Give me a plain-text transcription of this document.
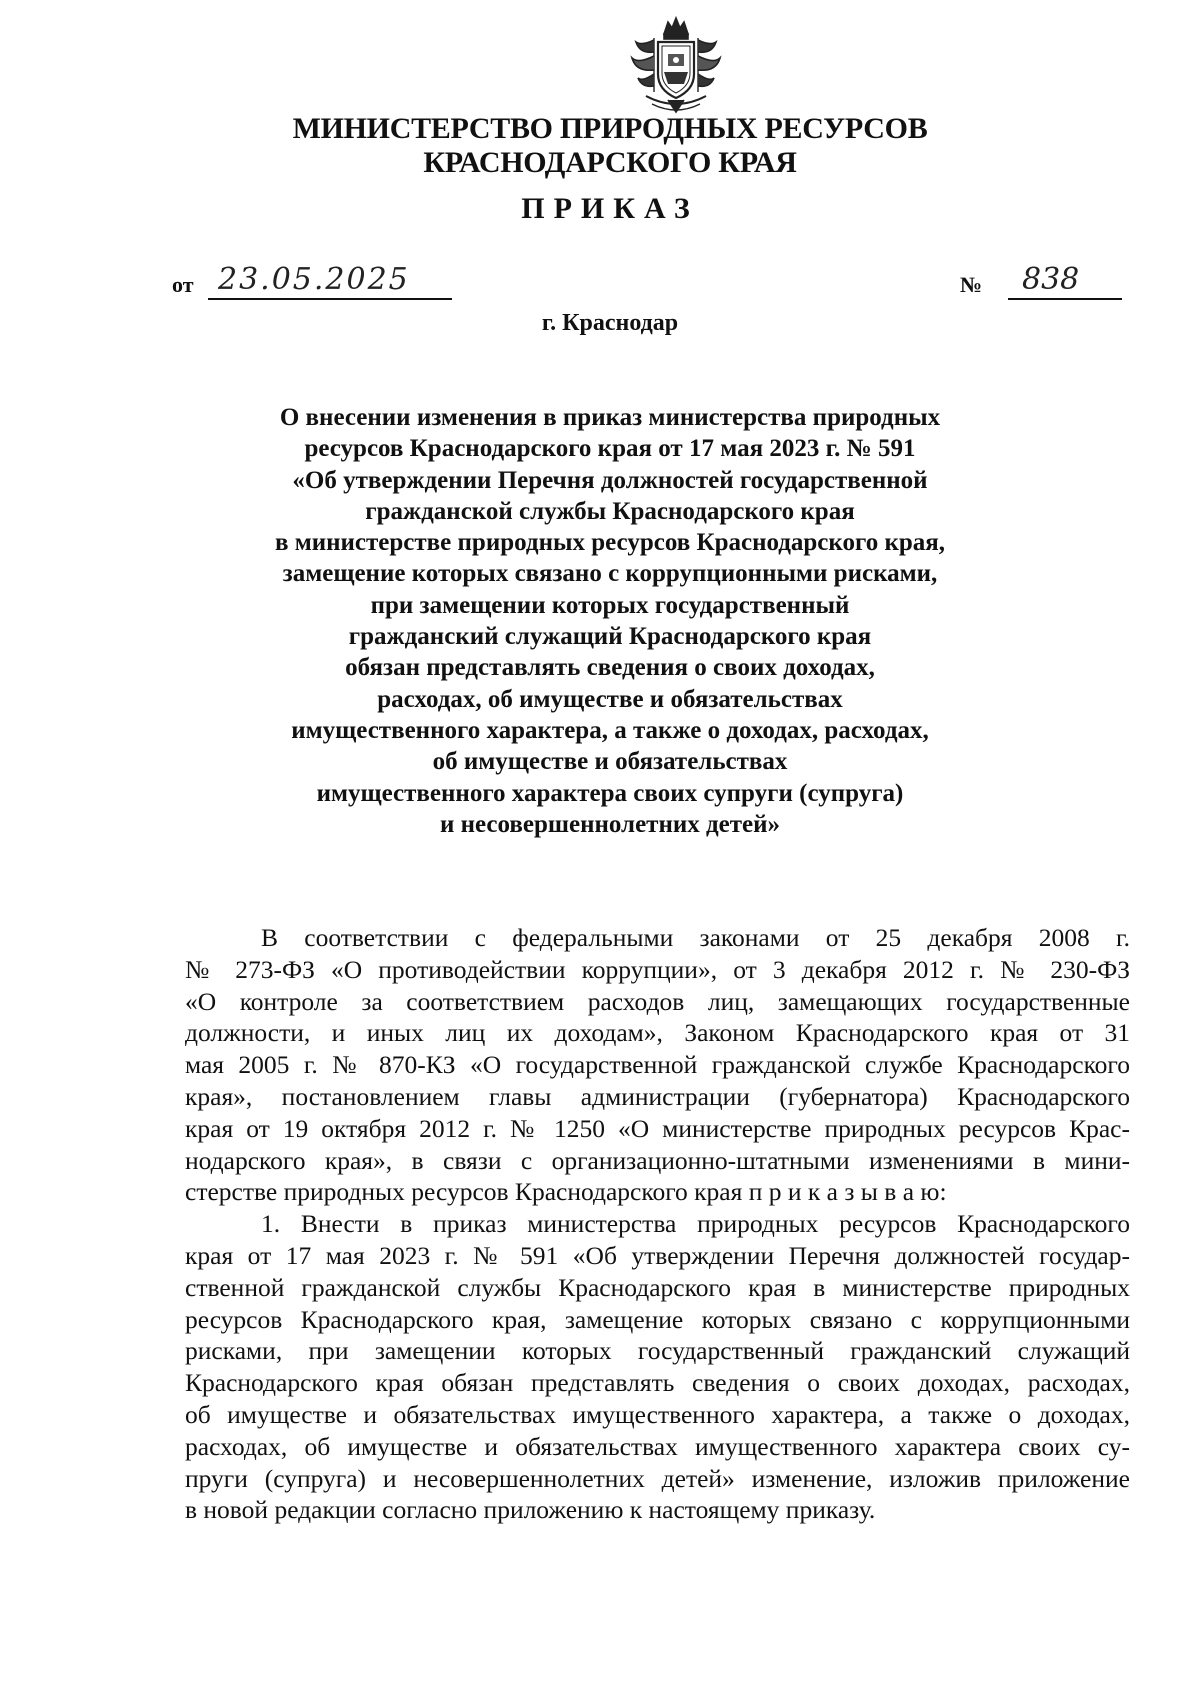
МИНИСТЕРСТВО ПРИРОДНЫХ РЕСУРСОВ
КРАСНОДАРСКОГО КРАЯ
ПРИКАЗ
от 23.05.2025	№ 838
г. Краснодар
О внесении изменения в приказ министерства природных
ресурсов Краснодарского края от 17 мая 2023 г. № 591
«Об утверждении Перечня должностей государственной
гражданской службы Краснодарского края
в министерстве природных ресурсов Краснодарского края,
замещение которых связано с коррупционными рисками,
при замещении которых государственный
гражданский служащий Краснодарского края
обязан представлять сведения о своих доходах,
расходах, об имуществе и обязательствах
имущественного характера, а также о доходах, расходах,
об имуществе и обязательствах
имущественного характера своих супруги (супруга)
и несовершеннолетних детей»
В соответствии с федеральными законами от 25 декабря 2008 г.
№ 273-ФЗ «О противодействии коррупции», от 3 декабря 2012 г. № 230-ФЗ
«О контроле за соответствием расходов лиц, замещающих государственные
должности, и иных лиц их доходам», Законом Краснодарского края от 31
мая 2005 г. № 870-КЗ «О государственной гражданской службе Краснодарского
края», постановлением главы администрации (губернатора) Краснодарского
края от 19 октября 2012 г. № 1250 «О министерстве природных ресурсов Крас-
нодарского края», в связи с организационно-штатными изменениями в мини-
стерстве природных ресурсов Краснодарского края п р и к а з ы в а ю:
1. Внести в приказ министерства природных ресурсов Краснодарского
края от 17 мая 2023 г. № 591 «Об утверждении Перечня должностей государ-
ственной гражданской службы Краснодарского края в министерстве природных
ресурсов Краснодарского края, замещение которых связано с коррупционными
рисками, при замещении которых государственный гражданский служащий
Краснодарского края обязан представлять сведения о своих доходах, расходах,
об имуществе и обязательствах имущественного характера, а также о доходах,
расходах, об имуществе и обязательствах имущественного характера своих су-
пруги (супруга) и несовершеннолетних детей» изменение, изложив приложение
в новой редакции согласно приложению к настоящему приказу.
